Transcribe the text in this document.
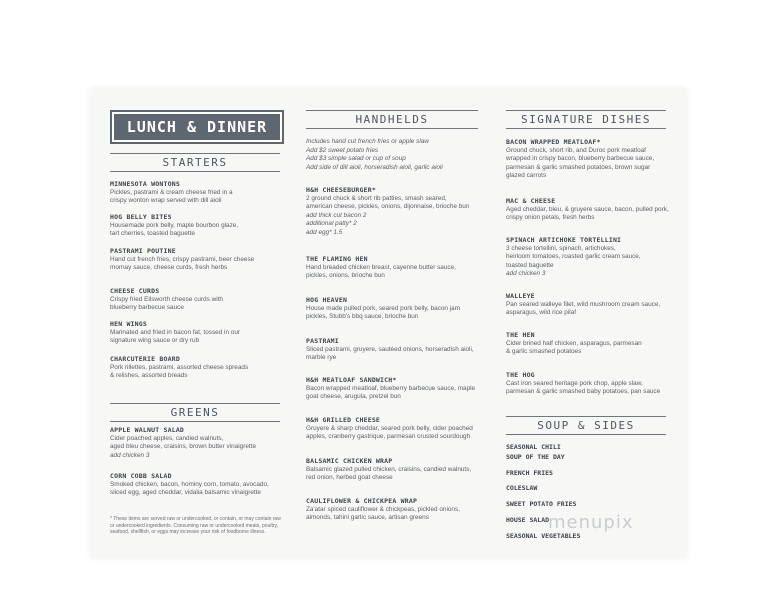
LUNCH & DINNER
STARTERS
MINNESOTA WONTONS
Pickles, pastrami & cream cheese fried in a
crispy wonton wrap served with dill aioli
HOG BELLY BITES
Housemade pork belly, maple bourbon glaze,
tart cherries, toasted baguette
PASTRAMI POUTINE
Hand cut french fries, crispy pastrami, beer cheese
mornay sauce, cheese curds, fresh herbs
CHEESE CURDS
Crispy fried Ellsworth cheese curds with
blueberry barbecue sauce
HEN WINGS
Marinated and fried in bacon fat, tossed in our
signature wing sauce or dry rub
CHARCUTERIE BOARD
Pork rillettes, pastrami, assorted cheese spreads
& relishes, assorted breads
GREENS
APPLE WALNUT SALAD
Cider poached apples, candied walnuts,
aged bleu cheese, craisins, brown butter vinaigrette
add chicken 3
CORN COBB SALAD
Smoked chicken, bacon, hominy corn, tomato, avocado,
sliced egg, aged cheddar, vidalia balsamic vinaigrette
* These items are served raw or undercooked, or contain, or may contain raw
or undercooked ingredients. Consuming raw or undercooked meats, poultry,
seafood, shellfish, or eggs may increase your risk of foodborne illness.
HANDHELDS
Includes hand cut french fries or apple slaw
Add $2 sweet potato fries
Add $3 simple salad or cup of soup
Add side of dill aioli, horseradish aioli, garlic aioli
H&H CHEESEBURGER*
2 ground chuck & short rib patties, smash seared,
american cheese, pickles, onions, dijonnaise, brioche bun
add thick cut bacon 2
additional patty* 2
add egg* 1.5
THE FLAMING HEN
Hand breaded chicken breast, cayenne butter sauce,
pickles, onions, brioche bun
HOG HEAVEN
House made pulled pork, seared pork belly, bacon jam
pickles, Stubb's bbq sauce, brioche bun
PASTRAMI
Sliced pastrami, gruyere, sautéed onions, horseradish aioli,
marble rye
H&H MEATLOAF SANDWICH*
Bacon wrapped meatloaf, blueberry barbecue sauce, maple
goat cheese, arugula, pretzel bun
H&H GRILLED CHEESE
Gruyere & sharp cheddar, seared pork belly, cider poached
apples, cranberry gastrique, parmesan crusted sourdough
BALSAMIC CHICKEN WRAP
Balsamic glazed pulled chicken, craisins, candied walnuts,
red onion, herbed goat cheese
CAULIFLOWER & CHICKPEA WRAP
Za'atar spiced cauliflower & chickpeas, pickled onions,
almonds, tahini garlic sauce, artisan greens
SIGNATURE DISHES
BACON WRAPPED MEATLOAF*
Ground chuck, short rib, and Duroc pork meatloaf
wrapped in crispy bacon, blueberry barbecue sauce,
parmesan & garlic smashed potatoes, brown sugar
glazed carrots
MAC & CHEESE
Aged cheddar, bleu, & gruyere sauce, bacon, pulled pork,
crispy onion petals, fresh herbs
SPINACH ARTICHOKE TORTELLINI
3 cheese tortellini, spinach, artichokes,
heirloom tomatoes, roasted garlic cream sauce,
toasted baguette
add chicken 3
WALLEYE
Pan seared walleye filet, wild mushroom cream sauce,
asparagus, wild rice pilaf
THE HEN
Cider brined half chicken, asparagus, parmesan
& garlic smashed potatoes
THE HOG
Cast iron seared heritage pork chop, apple slaw,
parmesan & garlic smashed baby potatoes, pan sauce
SOUP & SIDES
SEASONAL CHILI
SOUP OF THE DAY
FRENCH FRIES
COLESLAW
SWEET POTATO FRIES
HOUSE SALAD
SEASONAL VEGETABLES
menupix
